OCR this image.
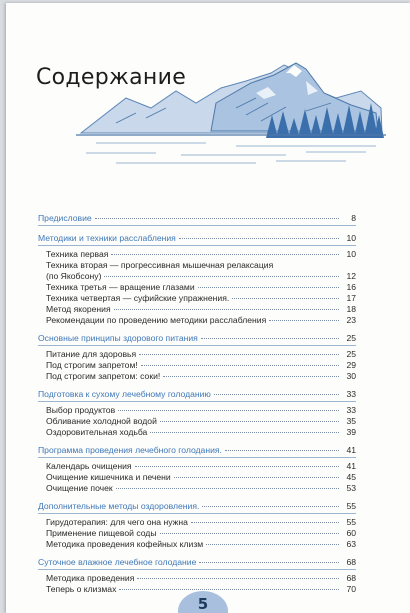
Содержание
Предисловие	8
Методики и техники расслабления	10
Техника первая	10
Техника вторая — прогрессивная мышечная релаксация
(по Якобсону)	12
Техника третья — вращение глазами	16
Техника четвертая — суфийские упражнения.	17
Метод якорения	18
Рекомендации по проведению методики расслабления	23
Основные принципы здорового питания	25
Питание для здоровья	25
Под строгим запретом!	29
Под строгим запретом: соки!	30
Подготовка к сухому лечебному голоданию	33
Выбор продуктов	33
Обливание холодной водой	35
Оздоровительная ходьба	39
Программа проведения лечебного голодания.	41
Календарь очищения	41
Очищение кишечника и печени	45
Очищение почек	53
Дополнительные методы оздоровления.	55
Гирудотерапия: для чего она нужна	55
Применение пищевой соды	60
Методика проведения кофейных клизм	63
Суточное влажное лечебное голодание	68
Методика проведения	68
Теперь о клизмах	70
5
